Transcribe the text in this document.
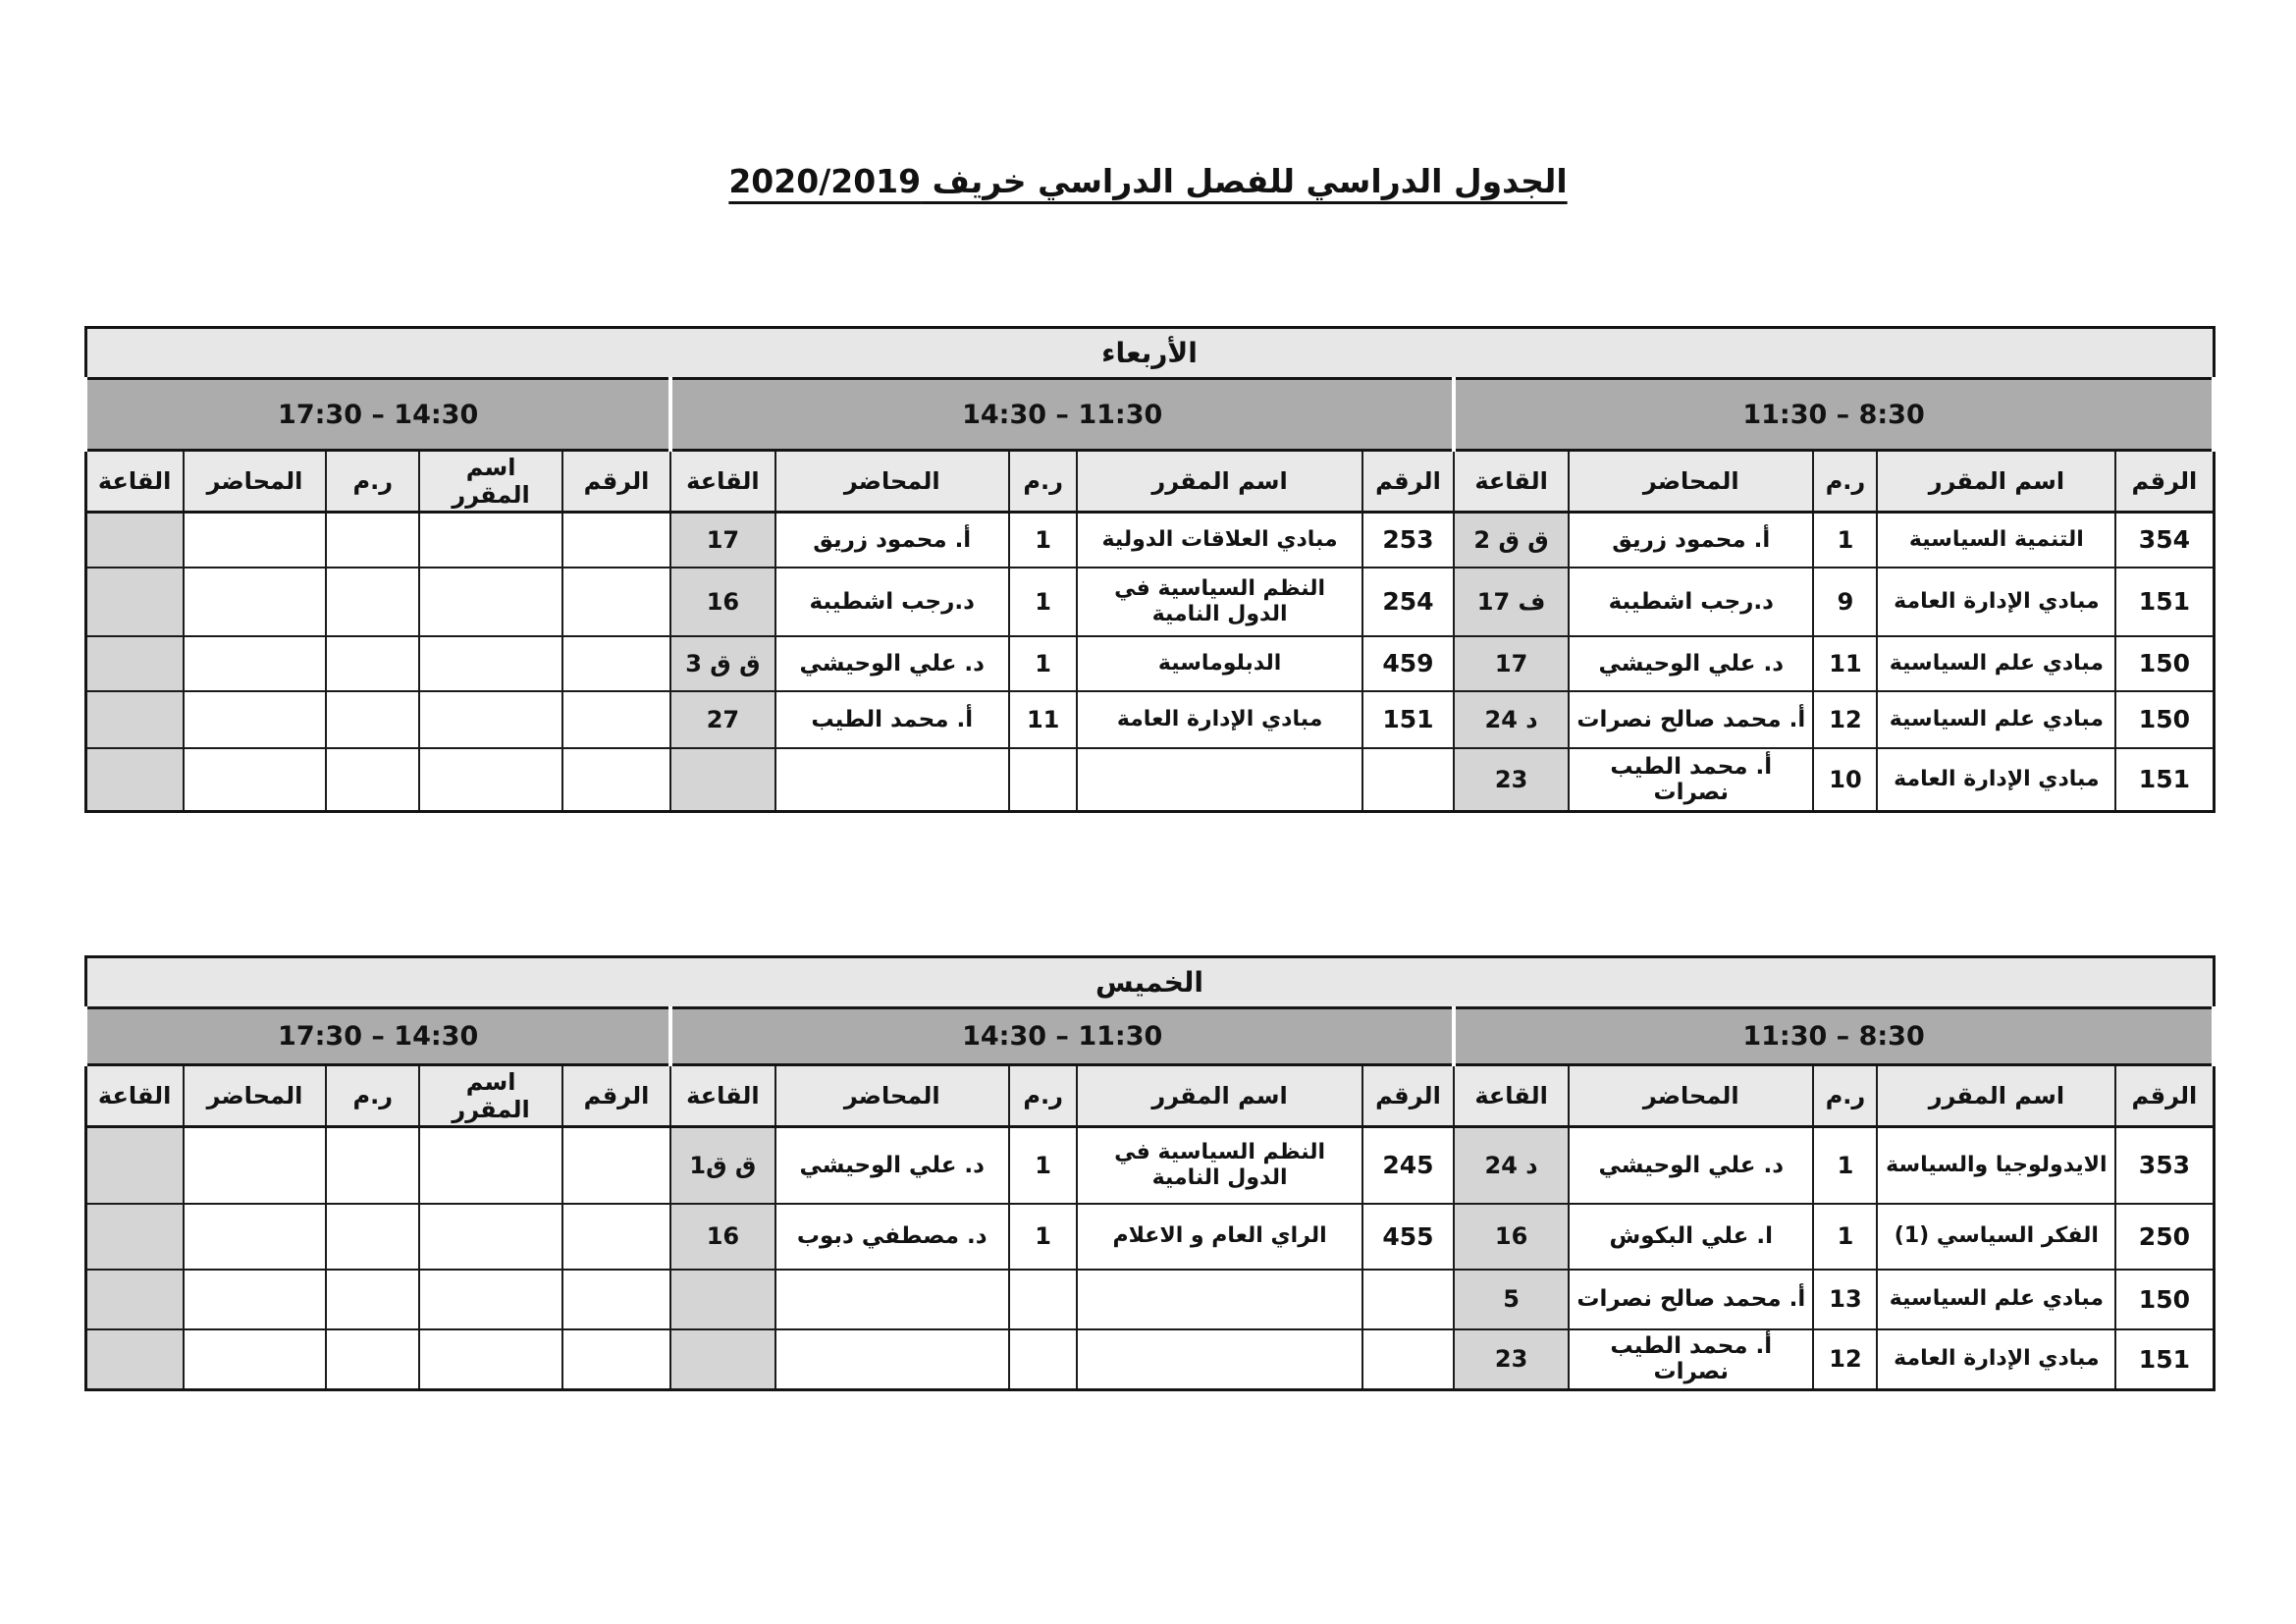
الجدول الدراسي للفصل الدراسي خريف 2020/2019
الأربعاء														
11:30 – 8:30					14:30 – 11:30					17:30 – 14:30				
الرقم	اسم المقرر	ر.م	المحاضر	القاعة	الرقم	اسم المقرر	ر.م	المحاضر	القاعة	الرقم	اسم المقرر	ر.م	المحاضر	القاعة
354	التنمية السياسية	1	أ. محمود زريق	ق ق 2	253	مبادي العلاقات الدولية	1	أ. محمود زريق	17					
151	مبادي الإدارة العامة	9	د.رجب اشطيبة	ف 17	254	النظم السياسية في الدول النامية	1	د.رجب اشطيبة	16					
150	مبادي علم السياسية	11	د. علي الوحيشي	17	459	الدبلوماسية	1	د. علي الوحيشي	ق ق 3					
150	مبادي علم السياسية	12	أ. محمد صالح نصرات	د 24	151	مبادي الإدارة العامة	11	أ. محمد الطيب	27					
151	مبادي الإدارة العامة	10	أ. محمد الطيب نصرات	23										
الخميس														
11:30 – 8:30					14:30 – 11:30					17:30 – 14:30				
الرقم	اسم المقرر	ر.م	المحاضر	القاعة	الرقم	اسم المقرر	ر.م	المحاضر	القاعة	الرقم	اسم المقرر	ر.م	المحاضر	القاعة
353	الايدولوجيا والسياسة	1	د. علي الوحيشي	د 24	245	النظم السياسية في الدول النامية	1	د. علي الوحيشي	ق ق1					
250	الفكر السياسي (1)	1	ا. علي البكوش	16	455	الراي العام و الاعلام	1	د. مصطفي دبوب	16					
150	مبادي علم السياسية	13	أ. محمد صالح نصرات	5										
151	مبادي الإدارة العامة	12	أ. محمد الطيب نصرات	23										
